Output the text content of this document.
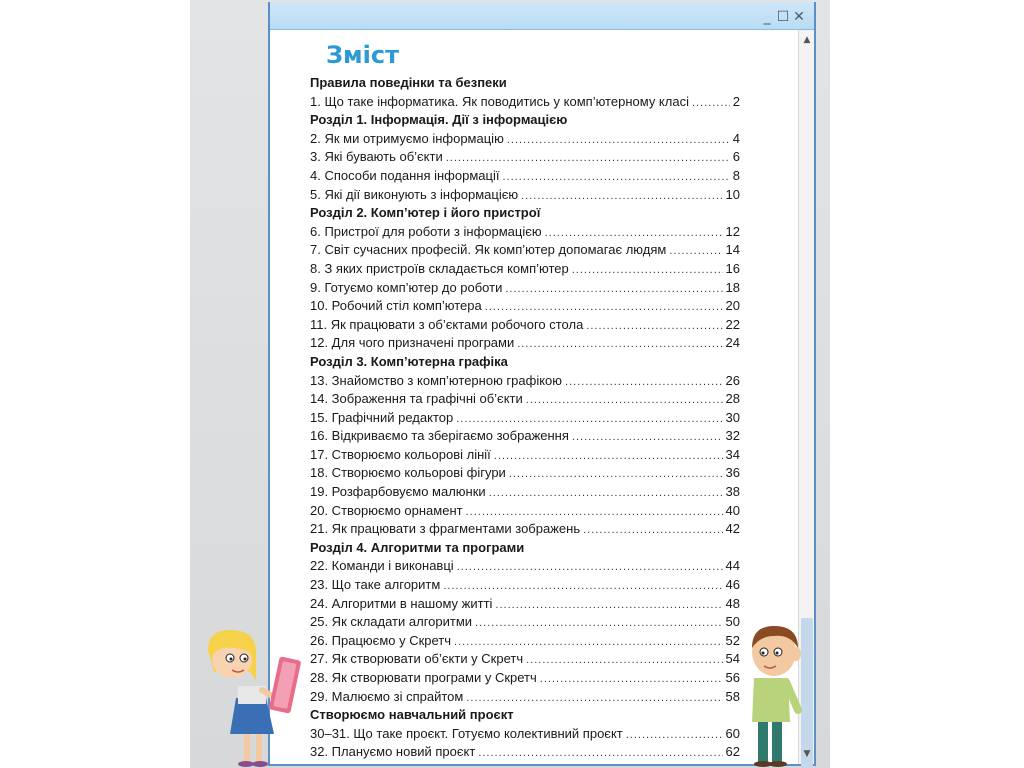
_ ☐ ✕
Зміст
Правила поведінки та безпеки
1. Що таке інформатика. Як поводитись у комп’ютерному класі .....	2
Розділ 1. Інформація. Дії з інформацією
2. Як ми отримуємо інформацію .....	4
3. Які бувають об’єкти .....	6
4. Способи подання інформації .....	8
5. Які дії виконують з інформацією .....	10
Розділ 2. Комп’ютер і його пристрої
6. Пристрої для роботи з інформацією .....	12
7. Світ сучасних професій. Як комп’ютер допомагає людям .....	14
8. З яких пристроїв складається комп’ютер .....	16
9. Готуємо комп’ютер до роботи .....	18
10. Робочий стіл комп’ютера .....	20
11. Як працювати з об’єктами робочого стола .....	22
12. Для чого призначені програми .....	24
Розділ 3. Комп’ютерна графіка
13. Знайомство з комп’ютерною графікою .....	26
14. Зображення та графічні об’єкти .....	28
15. Графічний редактор .....	30
16. Відкриваємо та зберігаємо зображення .....	32
17. Створюємо кольорові лінії .....	34
18. Створюємо кольорові фігури .....	36
19. Розфарбовуємо малюнки .....	38
20. Створюємо орнамент .....	40
21. Як працювати з фрагментами зображень .....	42
Розділ 4. Алгоритми та програми
22. Команди і виконавці .....	44
23. Що таке алгоритм .....	46
24. Алгоритми в нашому житті .....	48
25. Як складати алгоритми .....	50
26. Працюємо у Скретч .....	52
27. Як створювати об’єкти у Скретч .....	54
28. Як створювати програми у Скретч .....	56
29. Малюємо зі спрайтом .....	58
Створюємо навчальний проєкт
30–31. Що таке проєкт. Готуємо колективний проєкт .....	60
32. Плануємо новий проєкт .....	62
▲
▼
